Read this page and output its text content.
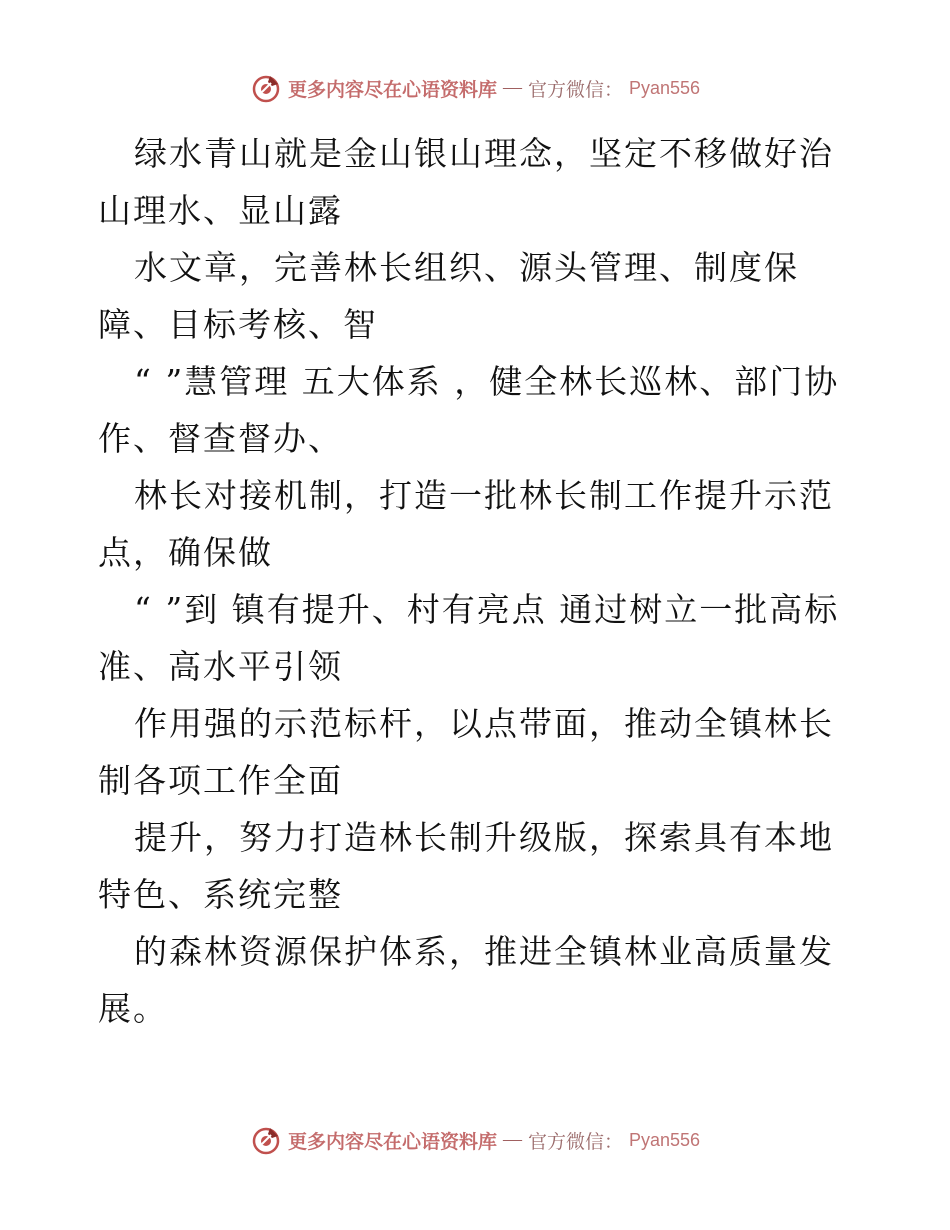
更多内容尽在心语资料库 — 官方微信： Pyan556

绿水青山就是金山银山理念，坚定不移做好治山理水、显山露

水文章，完善林长组织、源头管理、制度保障、目标考核、智

“ ”慧管理 五大体系 ，健全林长巡林、部门协作、督查督办、

林长对接机制，打造一批林长制工作提升示范点，确保做

“ ”到 镇有提升、村有亮点 通过树立一批高标准、高水平引领

作用强的示范标杆，以点带面，推动全镇林长制各项工作全面

提升，努力打造林长制升级版，探索具有本地特色、系统完整

的森林资源保护体系，推进全镇林业高质量发展。

更多内容尽在心语资料库 — 官方微信： Pyan556
